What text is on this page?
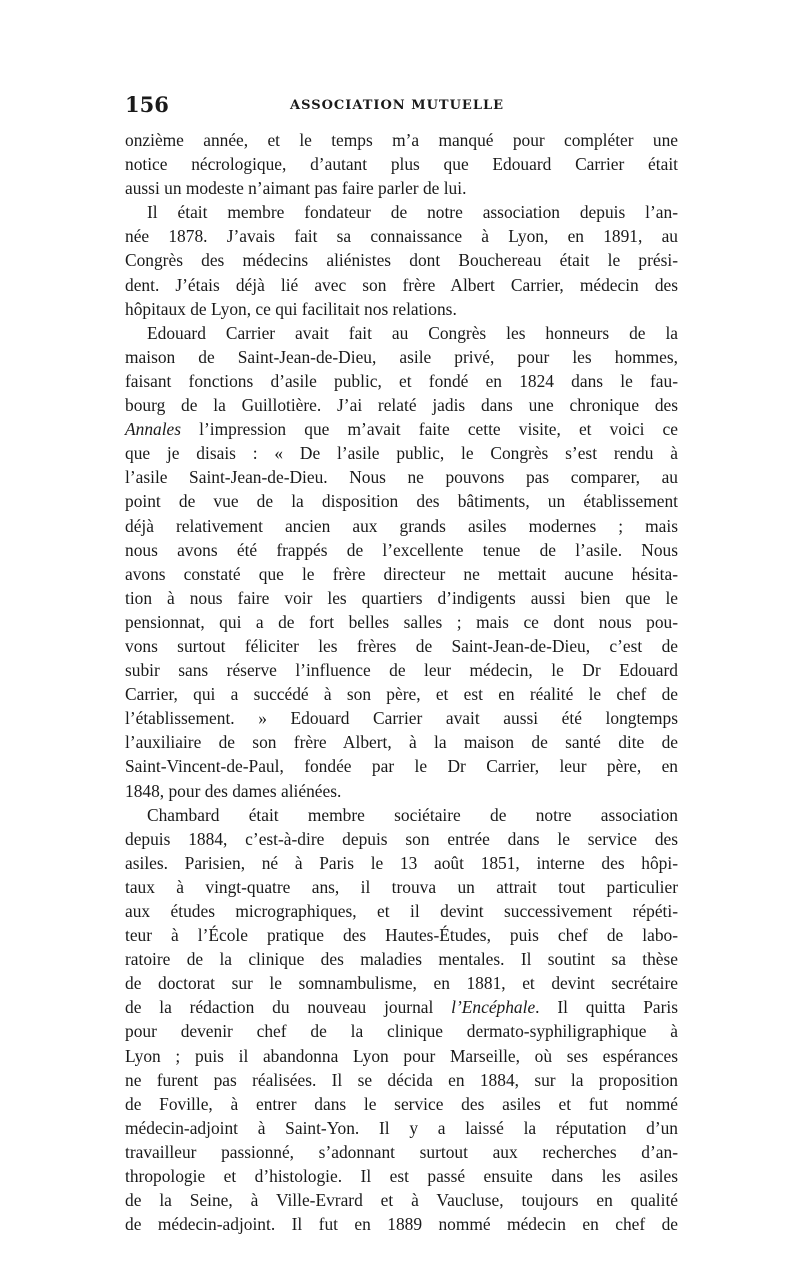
156	ASSOCIATION MUTUELLE
onzième année, et le temps m’a manqué pour compléter une
notice nécrologique, d’autant plus que Edouard Carrier était
aussi un modeste n’aimant pas faire parler de lui.
Il était membre fondateur de notre association depuis l’an-
née 1878. J’avais fait sa connaissance à Lyon, en 1891, au
Congrès des médecins aliénistes dont Bouchereau était le prési-
dent. J’étais déjà lié avec son frère Albert Carrier, médecin des
hôpitaux de Lyon, ce qui facilitait nos relations.
Edouard Carrier avait fait au Congrès les honneurs de la
maison de Saint-Jean-de-Dieu, asile privé, pour les hommes,
faisant fonctions d’asile public, et fondé en 1824 dans le fau-
bourg de la Guillotière. J’ai relaté jadis dans une chronique des
Annales l’impression que m’avait faite cette visite, et voici ce
que je disais : « De l’asile public, le Congrès s’est rendu à
l’asile Saint-Jean-de-Dieu. Nous ne pouvons pas comparer, au
point de vue de la disposition des bâtiments, un établissement
déjà relativement ancien aux grands asiles modernes ; mais
nous avons été frappés de l’excellente tenue de l’asile. Nous
avons constaté que le frère directeur ne mettait aucune hésita-
tion à nous faire voir les quartiers d’indigents aussi bien que le
pensionnat, qui a de fort belles salles ; mais ce dont nous pou-
vons surtout féliciter les frères de Saint-Jean-de-Dieu, c’est de
subir sans réserve l’influence de leur médecin, le Dr Edouard
Carrier, qui a succédé à son père, et est en réalité le chef de
l’établissement. » Edouard Carrier avait aussi été longtemps
l’auxiliaire de son frère Albert, à la maison de santé dite de
Saint-Vincent-de-Paul, fondée par le Dr Carrier, leur père, en
1848, pour des dames aliénées.
Chambard était membre sociétaire de notre association
depuis 1884, c’est-à-dire depuis son entrée dans le service des
asiles. Parisien, né à Paris le 13 août 1851, interne des hôpi-
taux à vingt-quatre ans, il trouva un attrait tout particulier
aux études micrographiques, et il devint successivement répéti-
teur à l’École pratique des Hautes-Études, puis chef de labo-
ratoire de la clinique des maladies mentales. Il soutint sa thèse
de doctorat sur le somnambulisme, en 1881, et devint secrétaire
de la rédaction du nouveau journal l’Encéphale. Il quitta Paris
pour devenir chef de la clinique dermato-syphiligraphique à
Lyon ; puis il abandonna Lyon pour Marseille, où ses espérances
ne furent pas réalisées. Il se décida en 1884, sur la proposition
de Foville, à entrer dans le service des asiles et fut nommé
médecin-adjoint à Saint-Yon. Il y a laissé la réputation d’un
travailleur passionné, s’adonnant surtout aux recherches d’an-
thropologie et d’histologie. Il est passé ensuite dans les asiles
de la Seine, à Ville-Evrard et à Vaucluse, toujours en qualité
de médecin-adjoint. Il fut en 1889 nommé médecin en chef de
